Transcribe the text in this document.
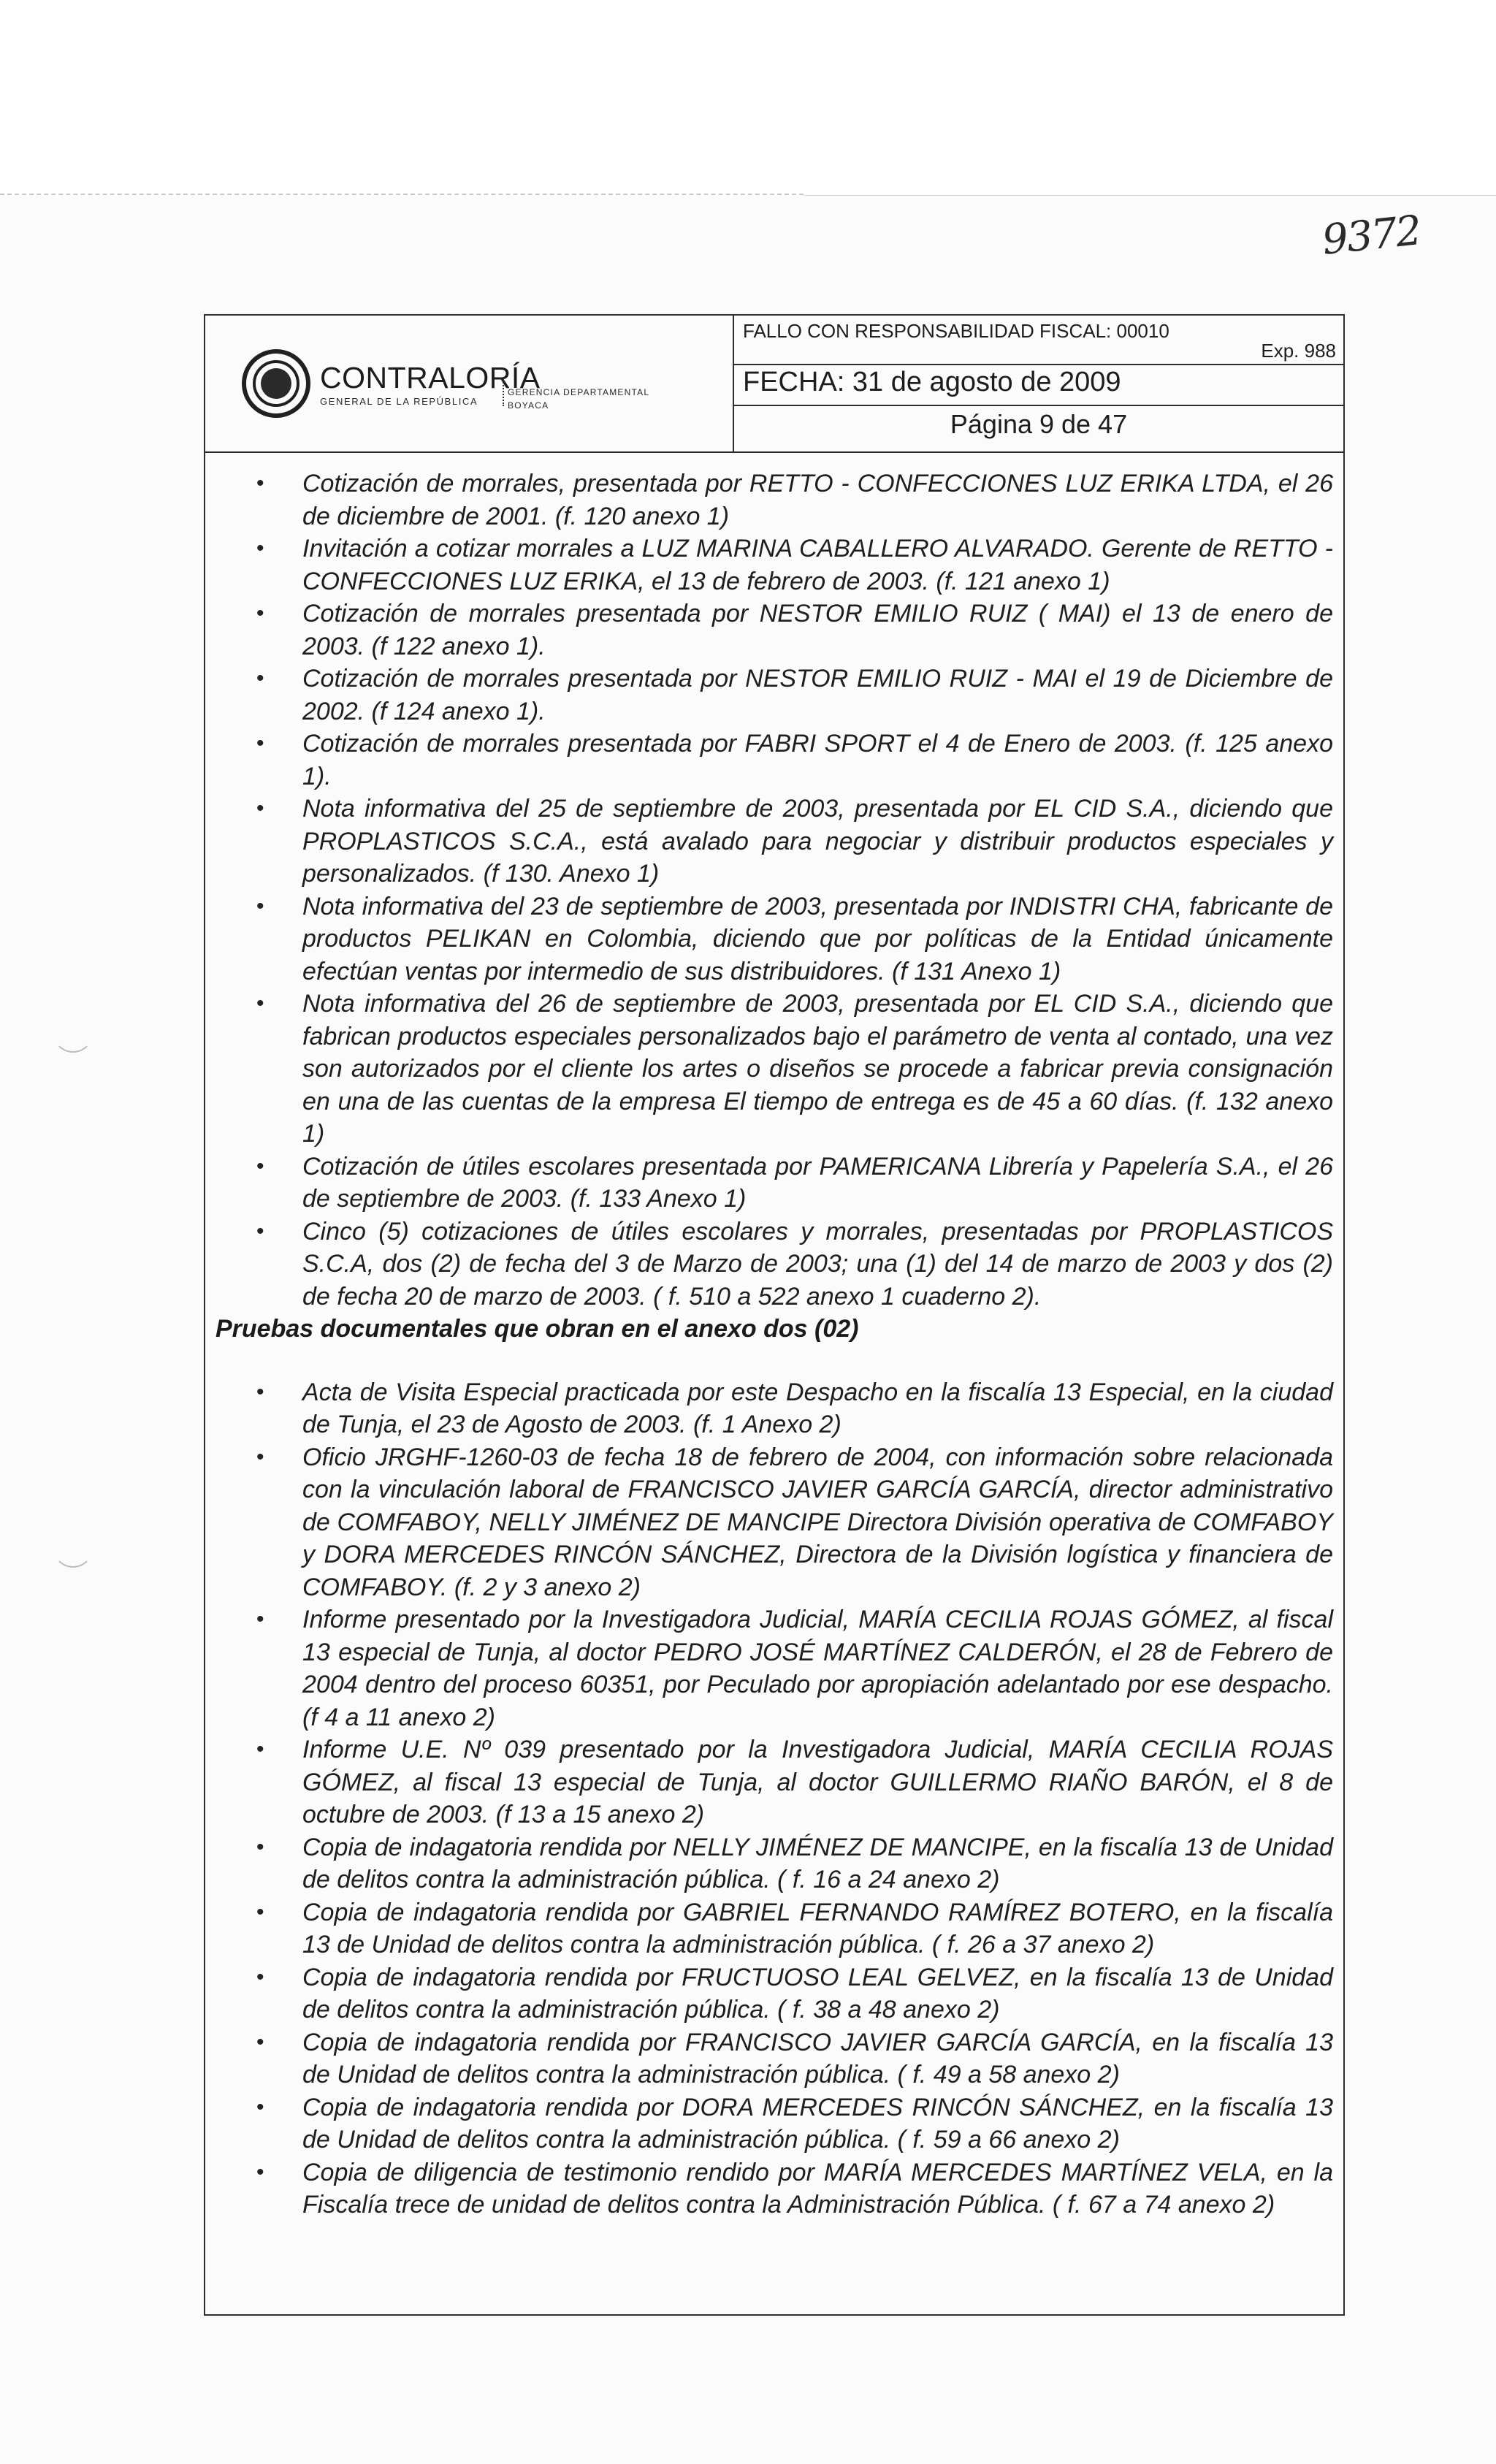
9372
CONTRALORÍA
GENERAL DE LA REPÚBLICA
GERENCIA DEPARTAMENTAL
BOYACA
FALLO CON RESPONSABILIDAD FISCAL: 00010
Exp. 988
FECHA: 31 de agosto de 2009
Página 9 de 47
• Cotización de morrales, presentada por RETTO - CONFECCIONES LUZ ERIKA LTDA, el 26 de diciembre de 2001. (f. 120 anexo 1)
• Invitación a cotizar morrales a LUZ MARINA CABALLERO ALVARADO. Gerente de RETTO - CONFECCIONES LUZ ERIKA, el 13 de febrero de 2003. (f. 121 anexo 1)
• Cotización de morrales presentada por NESTOR EMILIO RUIZ ( MAI) el 13 de enero de 2003. (f 122 anexo 1).
• Cotización de morrales presentada por NESTOR EMILIO RUIZ - MAI el 19 de Diciembre de 2002. (f 124 anexo 1).
• Cotización de morrales presentada por FABRI SPORT el 4 de Enero de 2003. (f. 125 anexo 1).
• Nota informativa del 25 de septiembre de 2003, presentada por EL CID S.A., diciendo que PROPLASTICOS S.C.A., está avalado para negociar y distribuir productos especiales y personalizados. (f 130. Anexo 1)
• Nota informativa del 23 de septiembre de 2003, presentada por INDISTRI CHA, fabricante de productos PELIKAN en Colombia, diciendo que por políticas de la Entidad únicamente efectúan ventas por intermedio de sus distribuidores. (f 131 Anexo 1)
• Nota informativa del 26 de septiembre de 2003, presentada por EL CID S.A., diciendo que fabrican productos especiales personalizados bajo el parámetro de venta al contado, una vez son autorizados por el cliente los artes o diseños se procede a fabricar previa consignación en una de las cuentas de la empresa El tiempo de entrega es de 45 a 60 días. (f. 132 anexo 1)
• Cotización de útiles escolares presentada por PAMERICANA Librería y Papelería S.A., el 26 de septiembre de 2003. (f. 133 Anexo 1)
• Cinco (5) cotizaciones de útiles escolares y morrales, presentadas por PROPLASTICOS S.C.A, dos (2) de fecha del 3 de Marzo de 2003; una (1) del 14 de marzo de 2003 y dos (2) de fecha 20 de marzo de 2003. ( f. 510 a 522 anexo 1 cuaderno 2).

Pruebas documentales que obran en el anexo dos (02)

• Acta de Visita Especial practicada por este Despacho en la fiscalía 13 Especial, en la ciudad de Tunja, el 23 de Agosto de 2003. (f. 1 Anexo 2)
• Oficio JRGHF-1260-03 de fecha 18 de febrero de 2004, con información sobre relacionada con la vinculación laboral de FRANCISCO JAVIER GARCÍA GARCÍA, director administrativo de COMFABOY, NELLY JIMÉNEZ DE MANCIPE Directora División operativa de COMFABOY y DORA MERCEDES RINCÓN SÁNCHEZ, Directora de la División logística y financiera de COMFABOY. (f. 2 y 3 anexo 2)
• Informe presentado por la Investigadora Judicial, MARÍA CECILIA ROJAS GÓMEZ, al fiscal 13 especial de Tunja, al doctor PEDRO JOSÉ MARTÍNEZ CALDERÓN, el 28 de Febrero de 2004 dentro del proceso 60351, por Peculado por apropiación adelantado por ese despacho. (f 4 a 11 anexo 2)
• Informe U.E. Nº 039 presentado por la Investigadora Judicial, MARÍA CECILIA ROJAS GÓMEZ, al fiscal 13 especial de Tunja, al doctor GUILLERMO RIAÑO BARÓN, el 8 de octubre de 2003. (f 13 a 15 anexo 2)
• Copia de indagatoria rendida por NELLY JIMÉNEZ DE MANCIPE, en la fiscalía 13 de Unidad de delitos contra la administración pública. ( f. 16 a 24 anexo 2)
• Copia de indagatoria rendida por GABRIEL FERNANDO RAMÍREZ BOTERO, en la fiscalía 13 de Unidad de delitos contra la administración pública. ( f. 26 a 37 anexo 2)
• Copia de indagatoria rendida por FRUCTUOSO LEAL GELVEZ, en la fiscalía 13 de Unidad de delitos contra la administración pública. ( f. 38 a 48 anexo 2)
• Copia de indagatoria rendida por FRANCISCO JAVIER GARCÍA GARCÍA, en la fiscalía 13 de Unidad de delitos contra la administración pública. ( f. 49 a 58 anexo 2)
• Copia de indagatoria rendida por DORA MERCEDES RINCÓN SÁNCHEZ, en la fiscalía 13 de Unidad de delitos contra la administración pública. ( f. 59 a 66 anexo 2)
• Copia de diligencia de testimonio rendido por MARÍA MERCEDES MARTÍNEZ VELA, en la Fiscalía trece de unidad de delitos contra la Administración Pública. ( f. 67 a 74 anexo 2)
